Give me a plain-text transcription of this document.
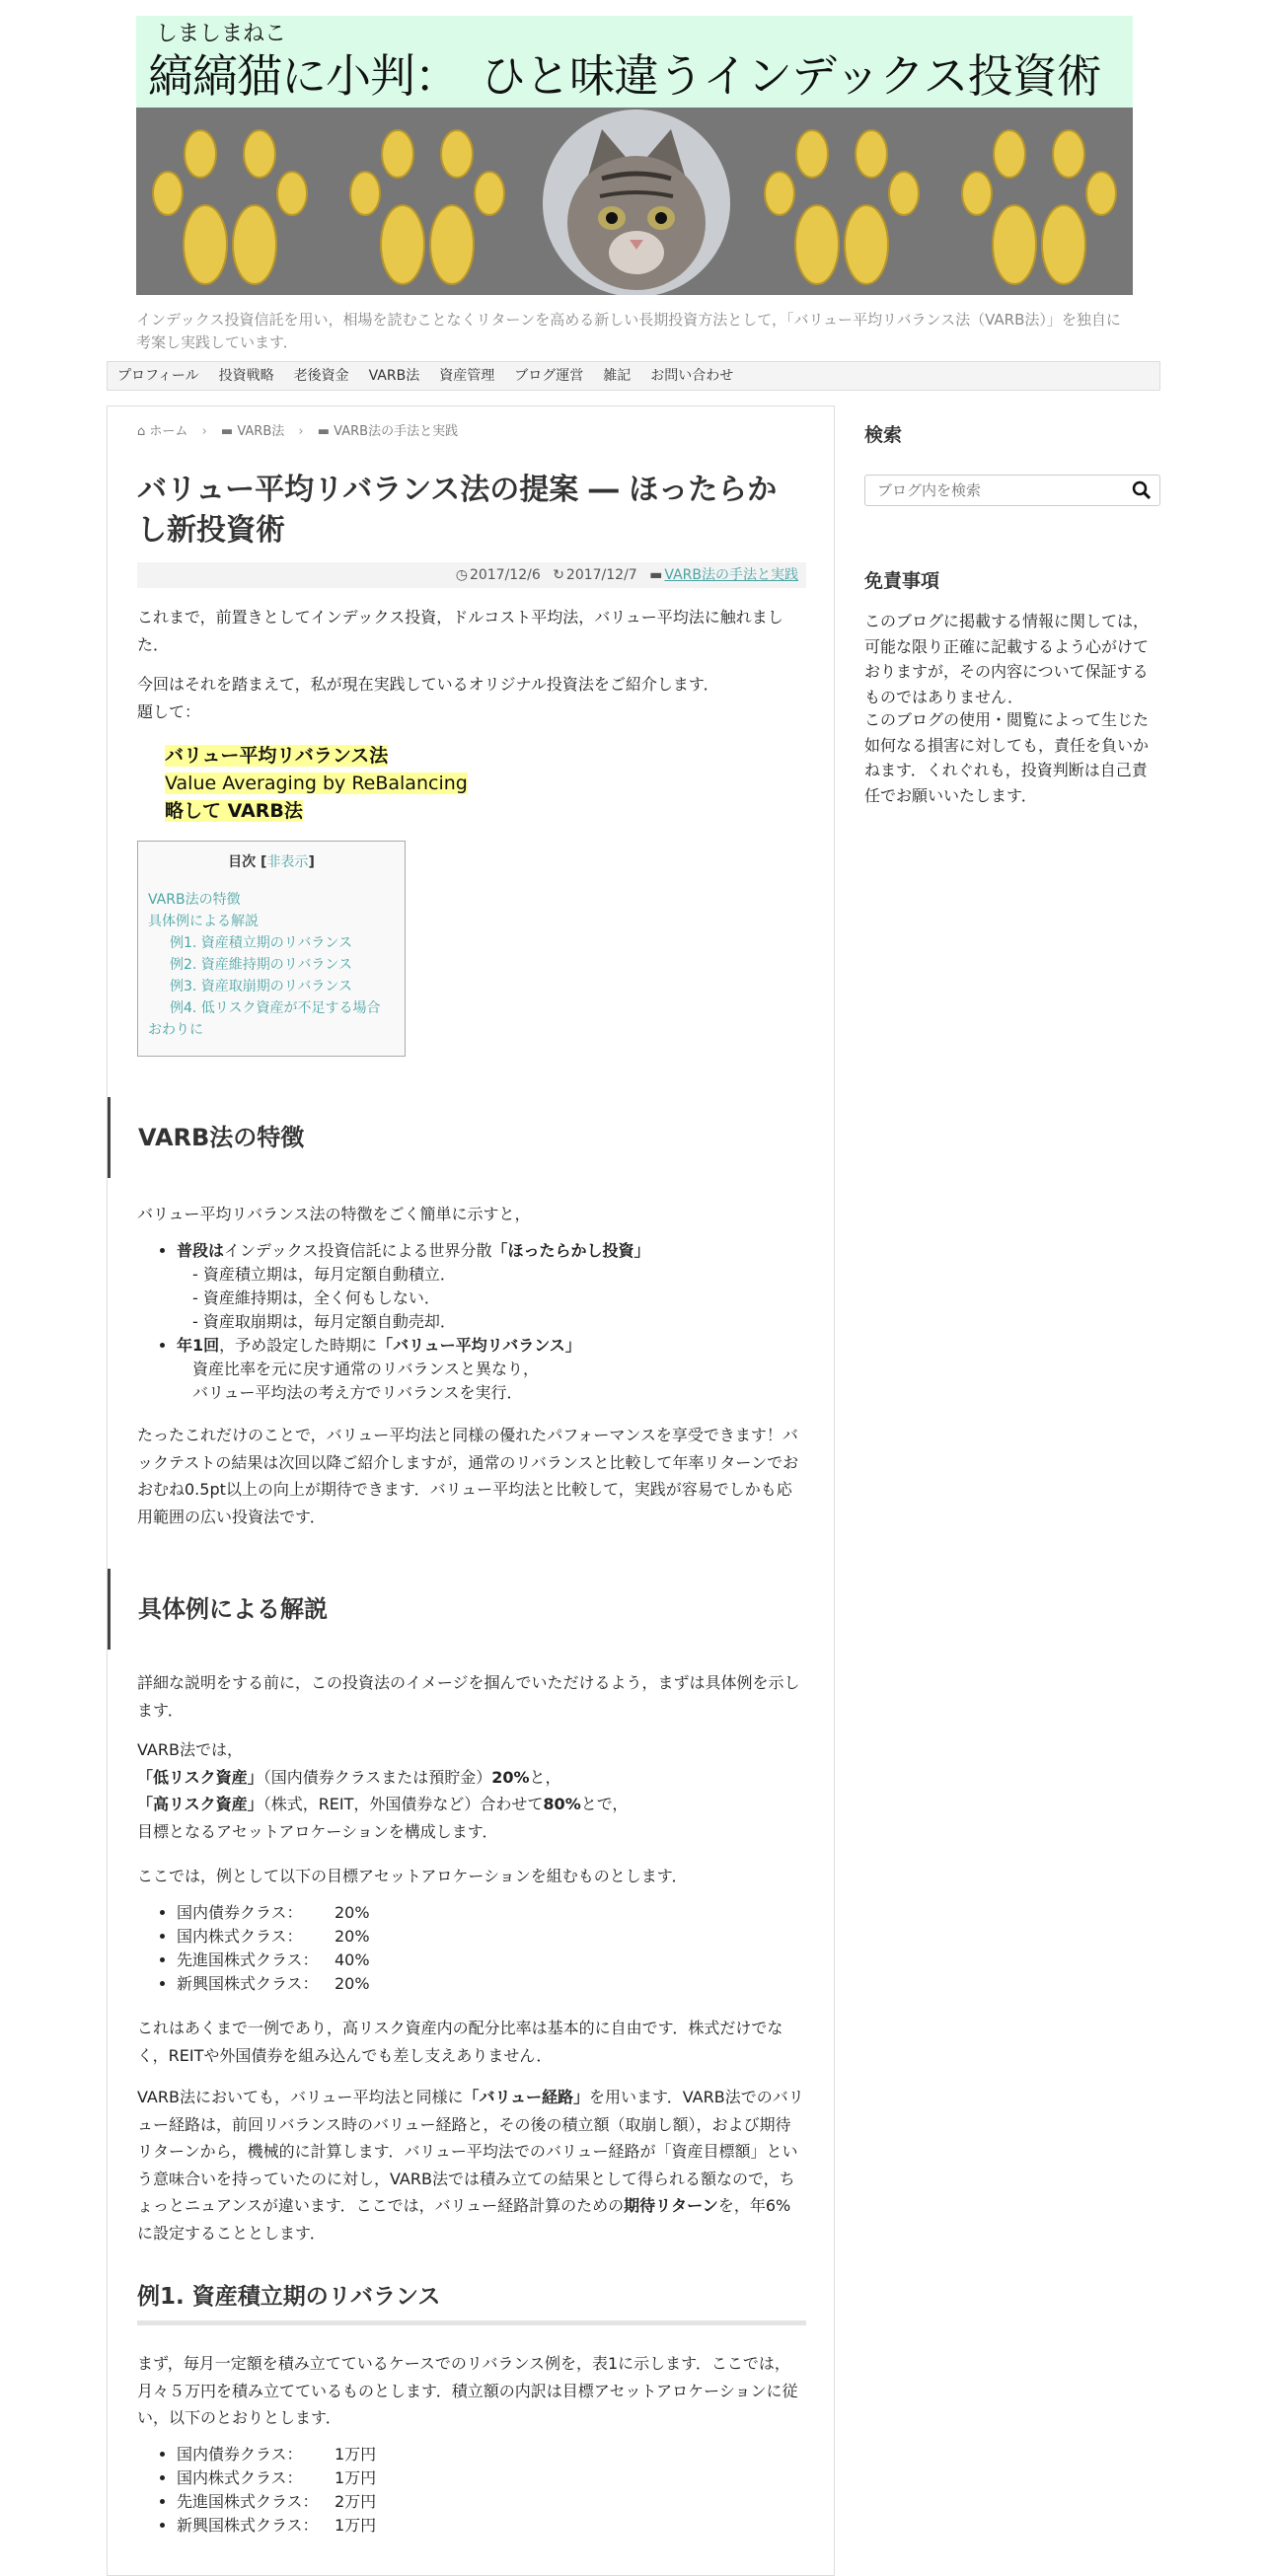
しましまねこ
縞縞猫に小判：　ひと味違うインデックス投資術
インデックス投資信託を用い，相場を読むことなくリターンを高める新しい長期投資方法として，「バリュー平均リバランス法（VARB法）」を独自に考案し実践しています．
プロフィール 投資戦略 老後資金 VARB法 資産管理 ブログ運営 雑記 お問い合わせ
⌂ ホーム › ▬ VARB法 › ▬ VARB法の手法と実践
バリュー平均リバランス法の提案 ― ほったらかし新投資術
◷ 2017/12/6 ↻ 2017/12/7 ▬ VARB法の手法と実践
これまで，前置きとしてインデックス投資，ドルコスト平均法，バリュー平均法に触れました．
今回はそれを踏まえて，私が現在実践しているオリジナル投資法をご紹介します．
題して：
バリュー平均リバランス法
Value Averaging by ReBalancing
略して VARB法
目次 [非表示]
VARB法の特徴
具体例による解説
例1. 資産積立期のリバランス
例2. 資産維持期のリバランス
例3. 資産取崩期のリバランス
例4. 低リスク資産が不足する場合
おわりに
VARB法の特徴
バリュー平均リバランス法の特徴をごく簡単に示すと，
• 普段はインデックス投資信託による世界分散「ほったらかし投資」
- 資産積立期は，毎月定額自動積立．
- 資産維持期は，全く何もしない．
- 資産取崩期は，毎月定額自動売却．
• 年1回，予め設定した時期に「バリュー平均リバランス」
資産比率を元に戻す通常のリバランスと異なり，
バリュー平均法の考え方でリバランスを実行．
たったこれだけのことで，バリュー平均法と同様の優れたパフォーマンスを享受できます！バックテストの結果は次回以降ご紹介しますが，通常のリバランスと比較して年率リターンでおおむね0.5pt以上の向上が期待できます．バリュー平均法と比較して，実践が容易でしかも応用範囲の広い投資法です．
具体例による解説
詳細な説明をする前に，この投資法のイメージを掴んでいただけるよう，まずは具体例を示します．
VARB法では，
「低リスク資産」（国内債券クラスまたは預貯金）20%と，
「高リスク資産」（株式，REIT，外国債券など）合わせて80%とで，
目標となるアセットアロケーションを構成します．
ここでは，例として以下の目標アセットアロケーションを組むものとします．
• 国内債券クラス： 20%
• 国内株式クラス： 20%
• 先進国株式クラス： 40%
• 新興国株式クラス： 20%
これはあくまで一例であり，高リスク資産内の配分比率は基本的に自由です．株式だけでなく，REITや外国債券を組み込んでも差し支えありません．
VARB法においても，バリュー平均法と同様に「バリュー経路」を用います．VARB法でのバリュー経路は，前回リバランス時のバリュー経路と，その後の積立額（取崩し額），および期待リターンから，機械的に計算します．バリュー平均法でのバリュー経路が「資産目標額」という意味合いを持っていたのに対し，VARB法では積み立ての結果として得られる額なので，ちょっとニュアンスが違います．ここでは，バリュー経路計算のための期待リターンを，年6%に設定することとします．
例1. 資産積立期のリバランス
まず，毎月一定額を積み立てているケースでのリバランス例を，表1に示します．ここでは，月々５万円を積み立てているものとします．積立額の内訳は目標アセットアロケーションに従い，以下のとおりとします．
• 国内債券クラス： 1万円
• 国内株式クラス： 1万円
• 先進国株式クラス： 2万円
• 新興国株式クラス： 1万円
検索
ブログ内を検索
免責事項
このブログに掲載する情報に関しては，可能な限り正確に記載するよう心がけておりますが，その内容について保証するものではありません．
このブログの使用・閲覧によって生じた如何なる損害に対しても，責任を負いかねます．くれぐれも，投資判断は自己責任でお願いいたします．
